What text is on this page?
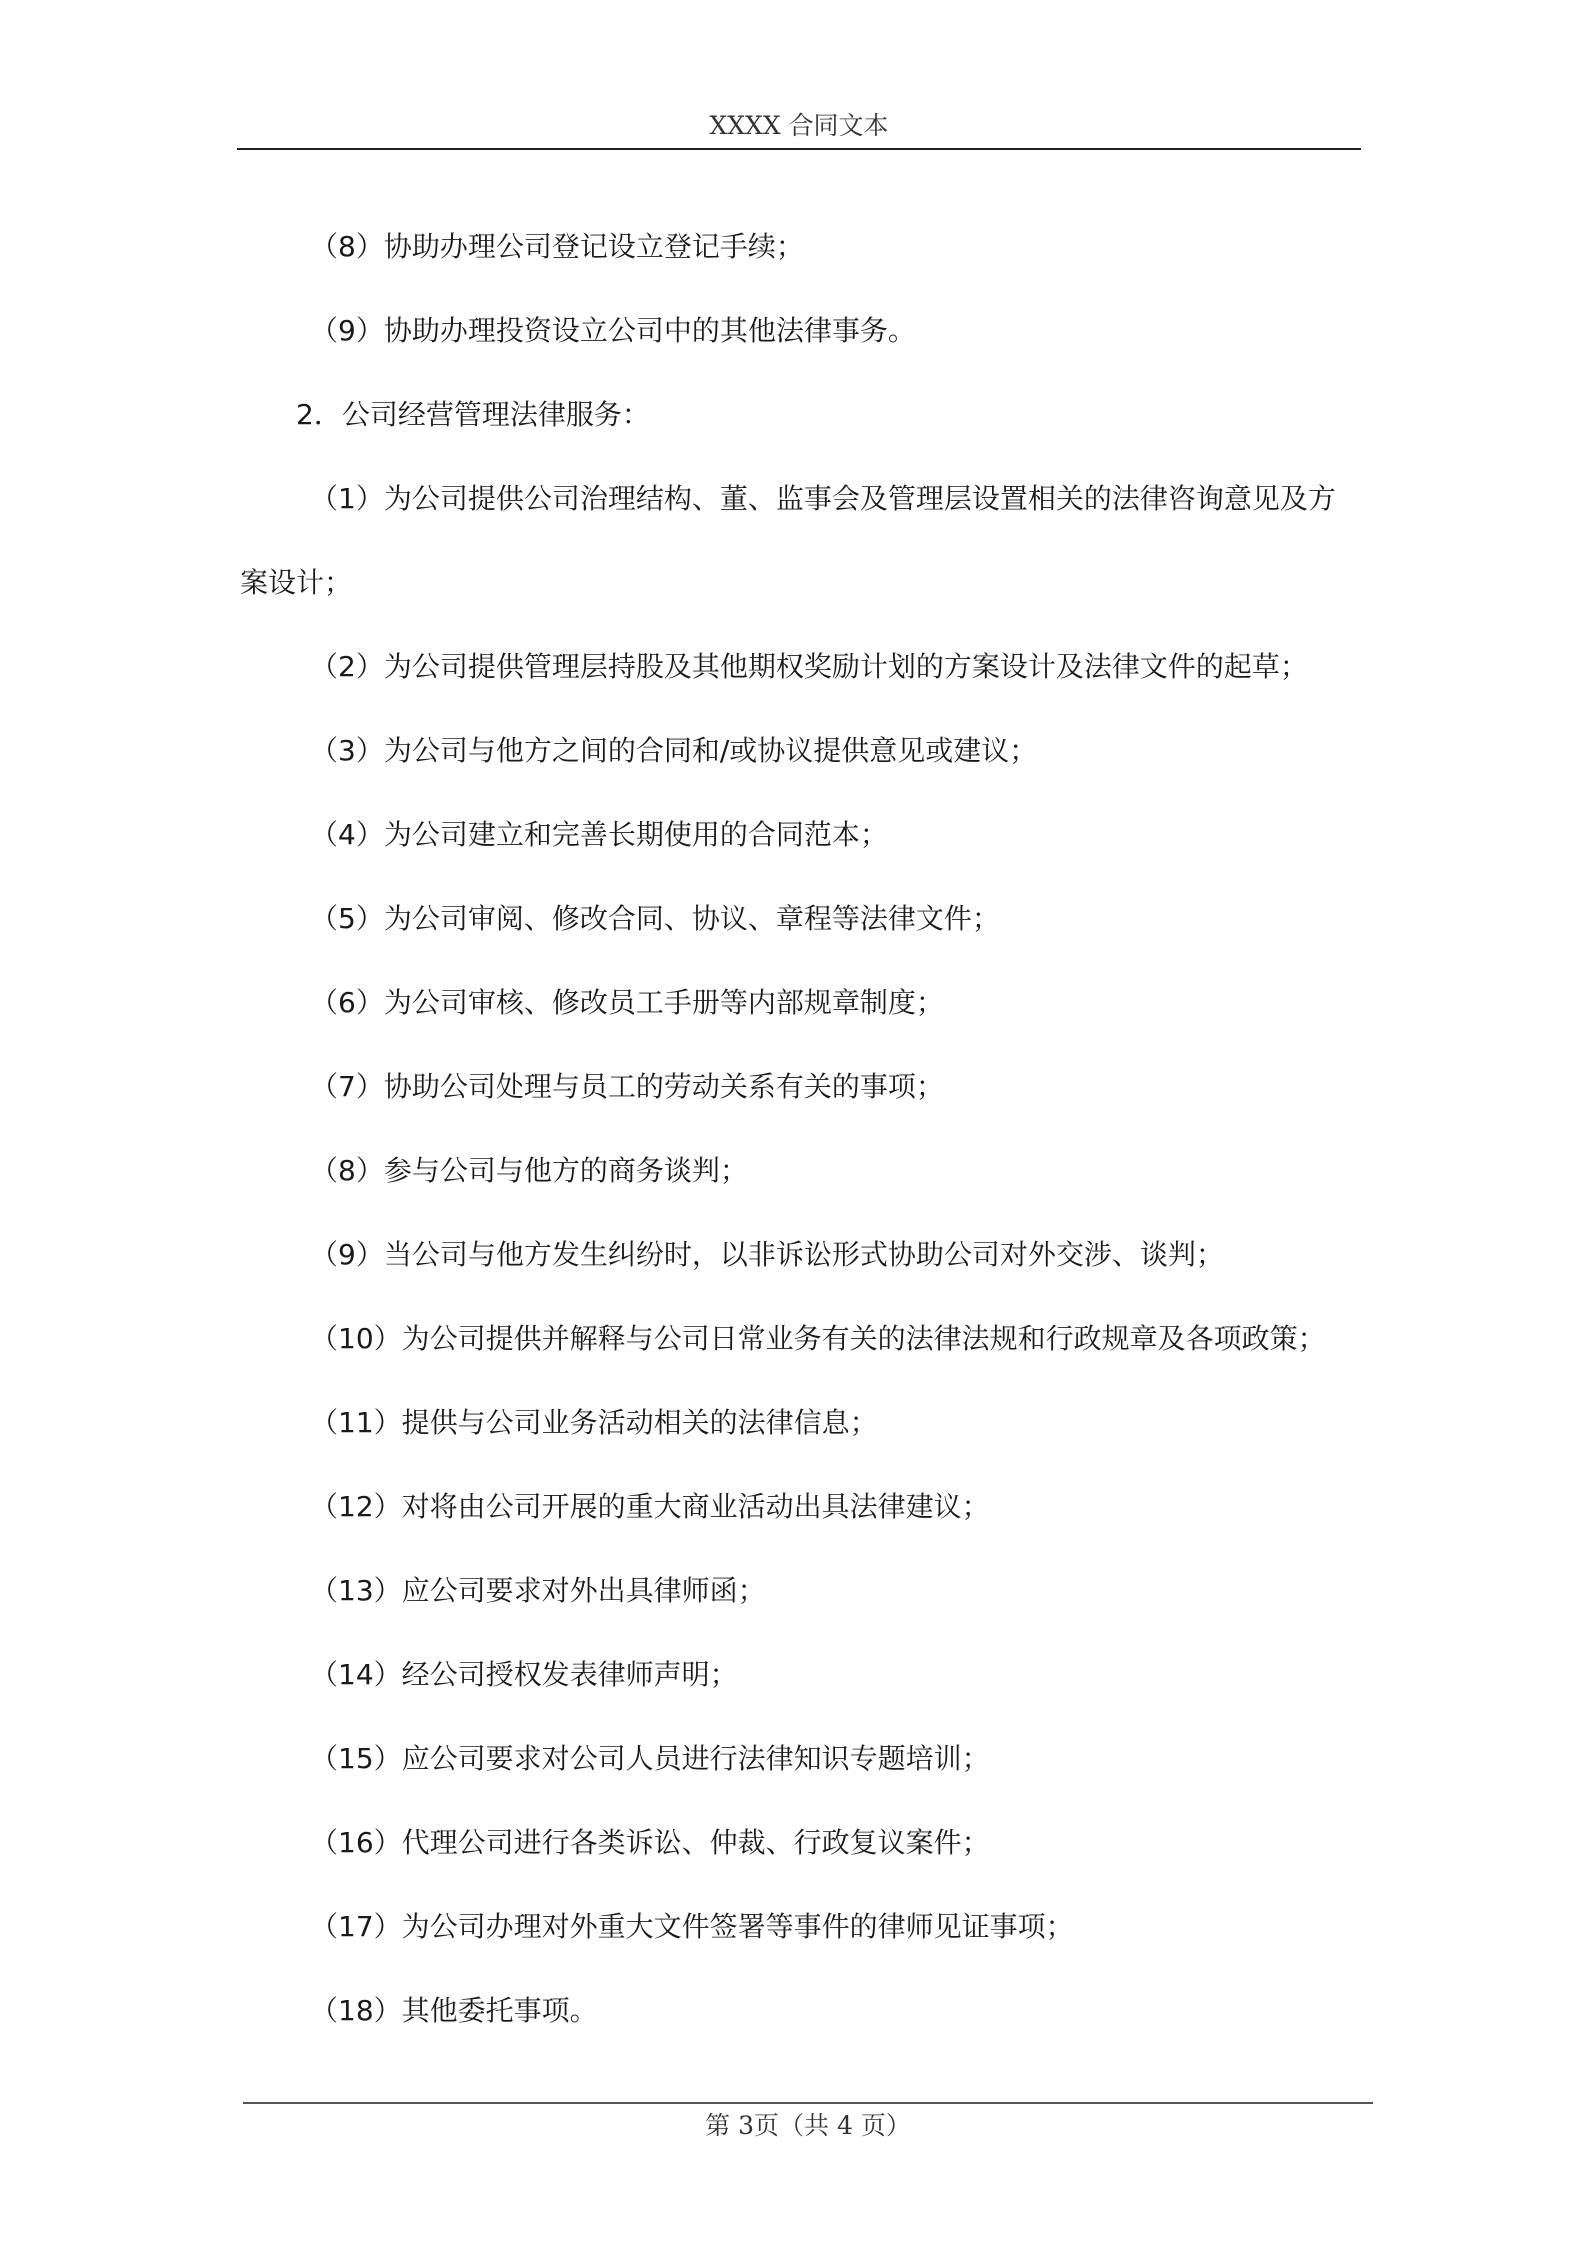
XXXX 合同文本

（8）协助办理公司登记设立登记手续；

（9）协助办理投资设立公司中的其他法律事务。

2．公司经营管理法律服务：

（1）为公司提供公司治理结构、董、监事会及管理层设置相关的法律咨询意见及方案设计；

（2）为公司提供管理层持股及其他期权奖励计划的方案设计及法律文件的起草；

（3）为公司与他方之间的合同和/或协议提供意见或建议；

（4）为公司建立和完善长期使用的合同范本；

（5）为公司审阅、修改合同、协议、章程等法律文件；

（6）为公司审核、修改员工手册等内部规章制度；

（7）协助公司处理与员工的劳动关系有关的事项；

（8）参与公司与他方的商务谈判；

（9）当公司与他方发生纠纷时，以非诉讼形式协助公司对外交涉、谈判；

（10）为公司提供并解释与公司日常业务有关的法律法规和行政规章及各项政策；

（11）提供与公司业务活动相关的法律信息；

（12）对将由公司开展的重大商业活动出具法律建议；

（13）应公司要求对外出具律师函；

（14）经公司授权发表律师声明；

（15）应公司要求对公司人员进行法律知识专题培训；

（16）代理公司进行各类诉讼、仲裁、行政复议案件；

（17）为公司办理对外重大文件签署等事件的律师见证事项；

（18）其他委托事项。

第 3页（共 4 页）
